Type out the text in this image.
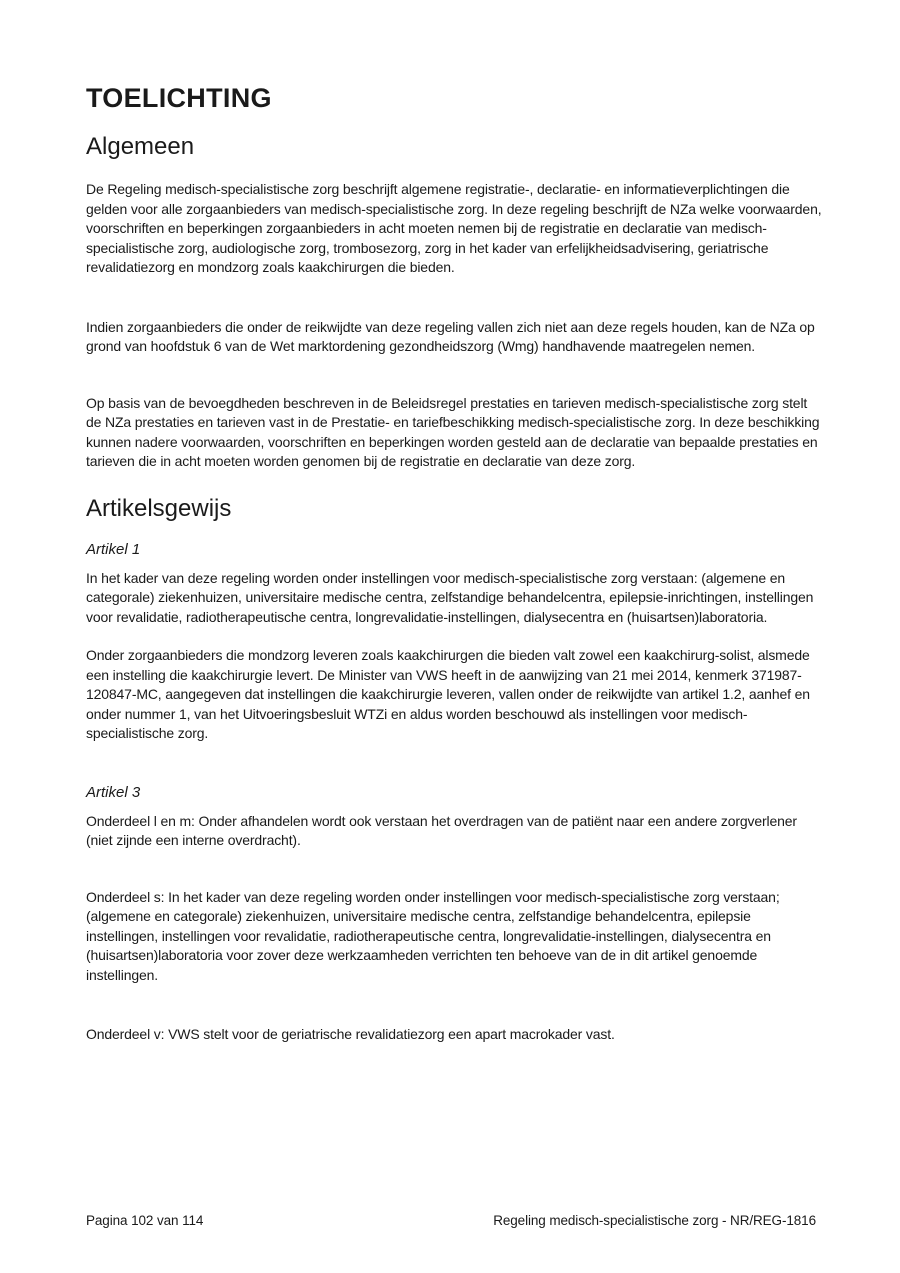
TOELICHTING
Algemeen

De Regeling medisch-specialistische zorg beschrijft algemene registratie-, declaratie- en informatieverplichtingen die gelden voor alle zorgaanbieders van medisch-specialistische zorg. In deze regeling beschrijft de NZa welke voorwaarden, voorschriften en beperkingen zorgaanbieders in acht moeten nemen bij de registratie en declaratie van medisch-specialistische zorg, audiologische zorg, trombosezorg, zorg in het kader van erfelijkheidsadvisering, geriatrische revalidatiezorg en mondzorg zoals kaakchirurgen die bieden.

Indien zorgaanbieders die onder de reikwijdte van deze regeling vallen zich niet aan deze regels houden, kan de NZa op grond van hoofdstuk 6 van de Wet marktordening gezondheidszorg (Wmg) handhavende maatregelen nemen.

Op basis van de bevoegdheden beschreven in de Beleidsregel prestaties en tarieven medisch-specialistische zorg stelt de NZa prestaties en tarieven vast in de Prestatie- en tariefbeschikking medisch-specialistische zorg. In deze beschikking kunnen nadere voorwaarden, voorschriften en beperkingen worden gesteld aan de declaratie van bepaalde prestaties en tarieven die in acht moeten worden genomen bij de registratie en declaratie van deze zorg.

Artikelsgewijs
Artikel 1

In het kader van deze regeling worden onder instellingen voor medisch-specialistische zorg verstaan: (algemene en categorale) ziekenhuizen, universitaire medische centra, zelfstandige behandelcentra, epilepsie-inrichtingen, instellingen voor revalidatie, radiotherapeutische centra, longrevalidatie-instellingen, dialysecentra en (huisartsen)laboratoria.

Onder zorgaanbieders die mondzorg leveren zoals kaakchirurgen die bieden valt zowel een kaakchirurg-solist, alsmede een instelling die kaakchirurgie levert. De Minister van VWS heeft in de aanwijzing van 21 mei 2014, kenmerk 371987-120847-MC, aangegeven dat instellingen die kaakchirurgie leveren, vallen onder de reikwijdte van artikel 1.2, aanhef en onder nummer 1, van het Uitvoeringsbesluit WTZi en aldus worden beschouwd als instellingen voor medisch-specialistische zorg.

Artikel 3

Onderdeel l en m: Onder afhandelen wordt ook verstaan het overdragen van de patiënt naar een andere zorgverlener (niet zijnde een interne overdracht).

Onderdeel s: In het kader van deze regeling worden onder instellingen voor medisch-specialistische zorg verstaan; (algemene en categorale) ziekenhuizen, universitaire medische centra, zelfstandige behandelcentra, epilepsie instellingen, instellingen voor revalidatie, radiotherapeutische centra, longrevalidatie-instellingen, dialysecentra en (huisartsen)laboratoria voor zover deze werkzaamheden verrichten ten behoeve van de in dit artikel genoemde instellingen.

Onderdeel v: VWS stelt voor de geriatrische revalidatiezorg een apart macrokader vast.

Pagina 102 van 114	Regeling medisch-specialistische zorg - NR/REG-1816
